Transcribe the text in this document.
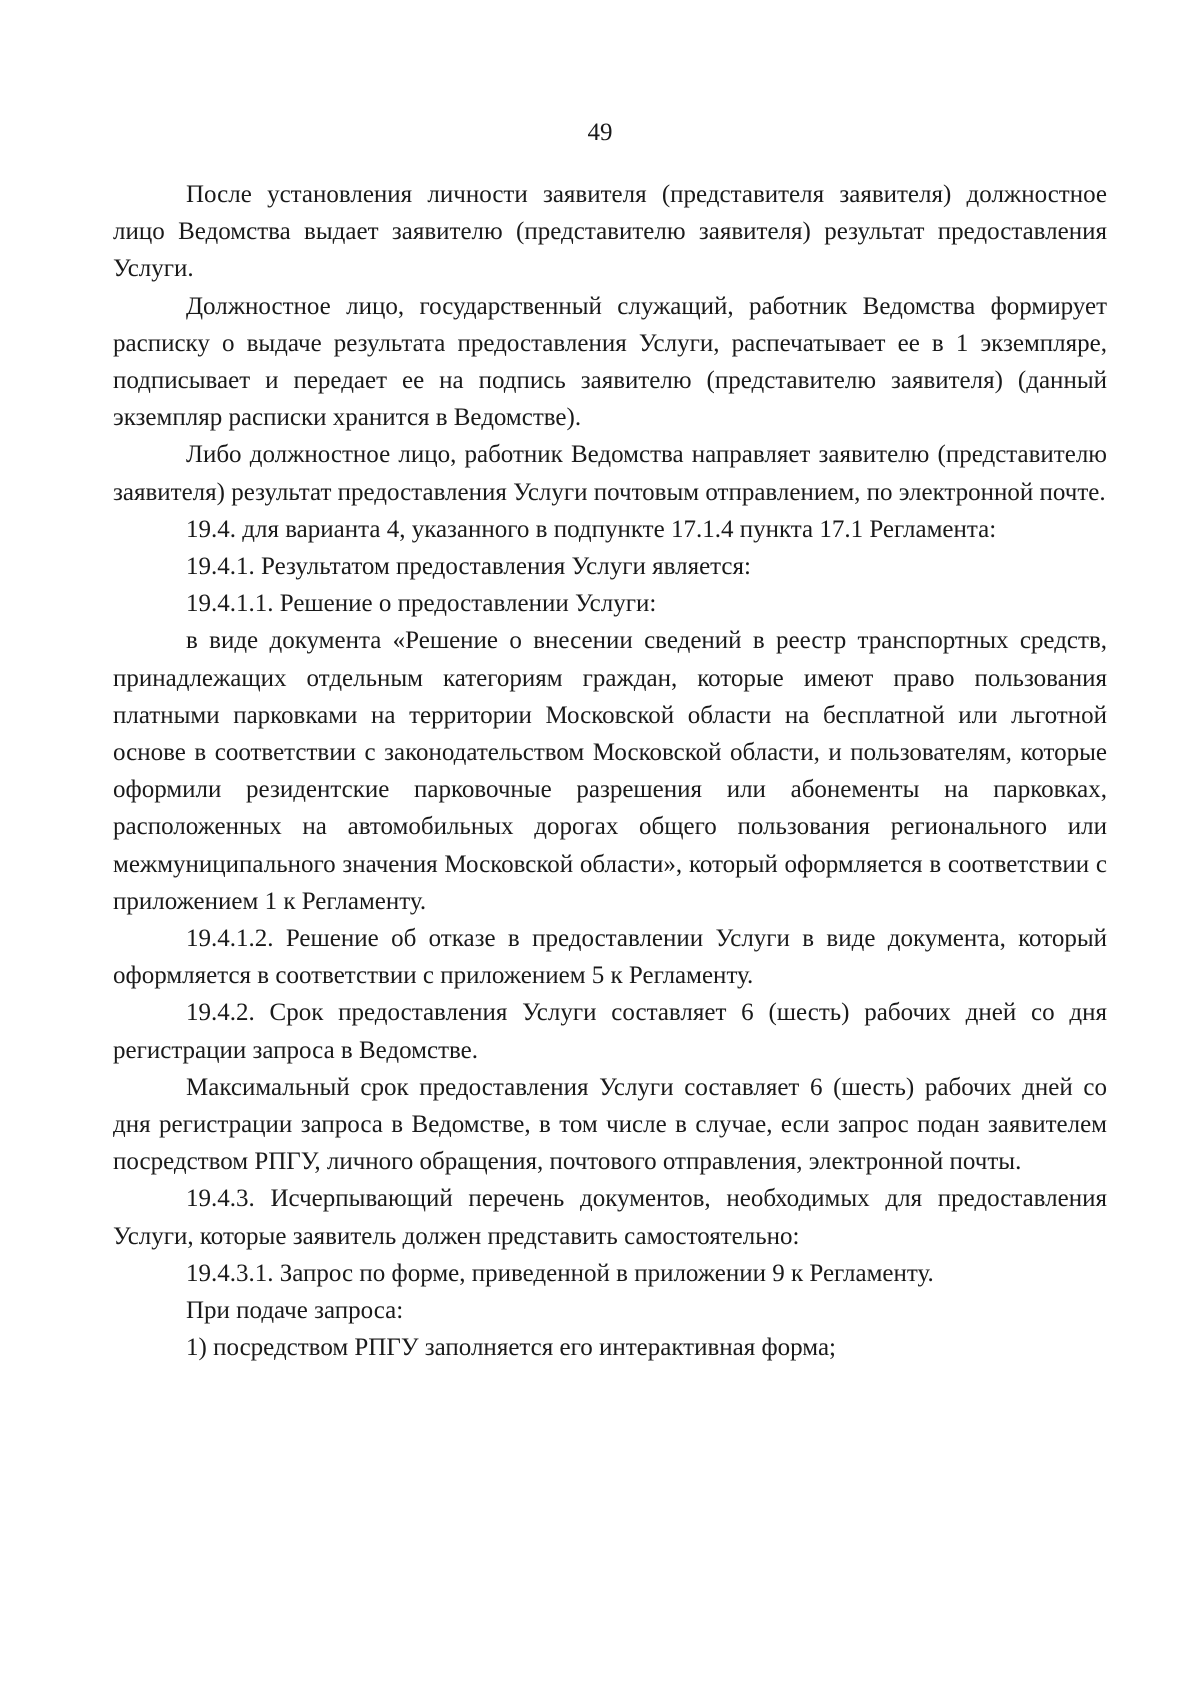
49

После установления личности заявителя (представителя заявителя) должностное лицо Ведомства выдает заявителю (представителю заявителя) результат предоставления Услуги.

Должностное лицо, государственный служащий, работник Ведомства формирует расписку о выдаче результата предоставления Услуги, распечатывает ее в 1 экземпляре, подписывает и передает ее на подпись заявителю (представителю заявителя) (данный экземпляр расписки хранится в Ведомстве).

Либо должностное лицо, работник Ведомства направляет заявителю (представителю заявителя) результат предоставления Услуги почтовым отправлением, по электронной почте.

19.4. для варианта 4, указанного в подпункте 17.1.4 пункта 17.1 Регламента:

19.4.1. Результатом предоставления Услуги является:

19.4.1.1. Решение о предоставлении Услуги:

в виде документа «Решение о внесении сведений в реестр транспортных средств, принадлежащих отдельным категориям граждан, которые имеют право пользования платными парковками на территории Московской области на бесплатной или льготной основе в соответствии с законодательством Московской области, и пользователям, которые оформили резидентские парковочные разрешения или абонементы на парковках, расположенных на автомобильных дорогах общего пользования регионального или межмуниципального значения Московской области», который оформляется в соответствии с приложением 1 к Регламенту.

19.4.1.2. Решение об отказе в предоставлении Услуги в виде документа, который оформляется в соответствии с приложением 5 к Регламенту.

19.4.2. Срок предоставления Услуги составляет 6 (шесть) рабочих дней со дня регистрации запроса в Ведомстве.

Максимальный срок предоставления Услуги составляет 6 (шесть) рабочих дней со дня регистрации запроса в Ведомстве, в том числе в случае, если запрос подан заявителем посредством РПГУ, личного обращения, почтового отправления, электронной почты.

19.4.3. Исчерпывающий перечень документов, необходимых для предоставления Услуги, которые заявитель должен представить самостоятельно:

19.4.3.1. Запрос по форме, приведенной в приложении 9 к Регламенту.

При подаче запроса:

1) посредством РПГУ заполняется его интерактивная форма;
